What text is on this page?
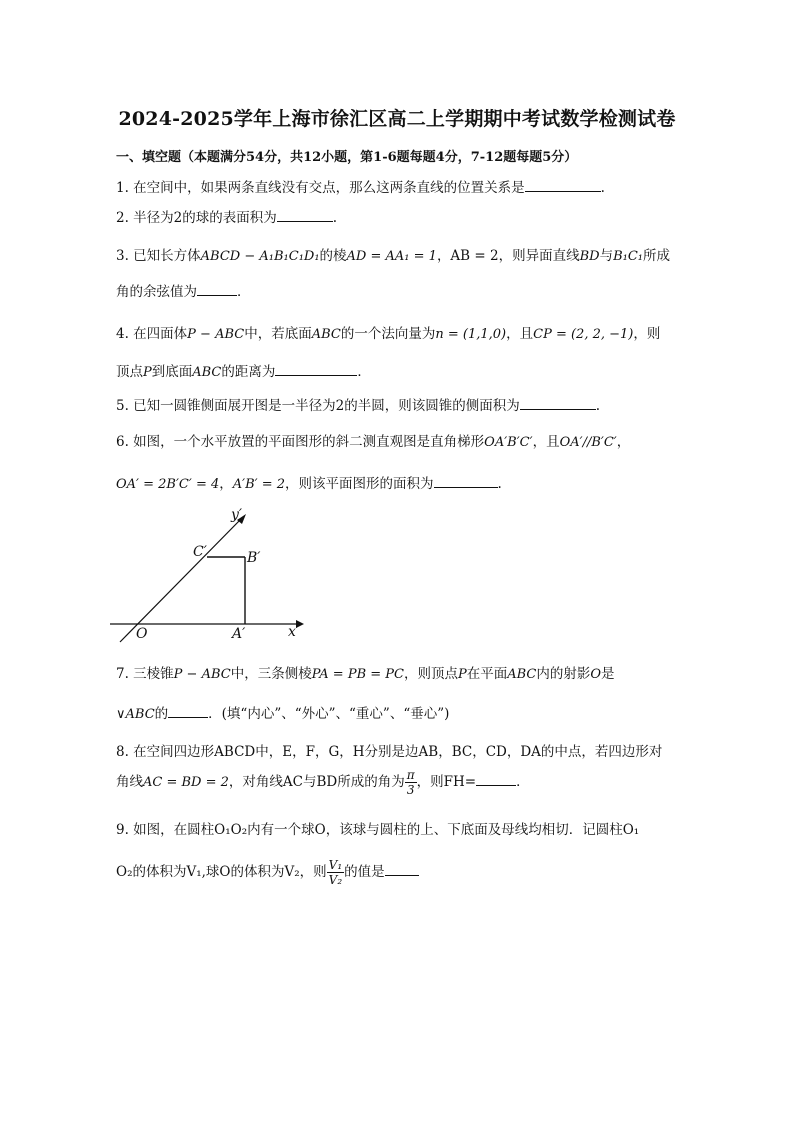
2024-2025学年上海市徐汇区高二上学期期中考试数学检测试卷
一、填空题（本题满分54分，共12小题，第1-6题每题4分，7-12题每题5分）
1. 在空间中，如果两条直线没有交点，那么这两条直线的位置关系是	.
2. 半径为2的球的表面积为	.
3. 已知长方体ABCD − A₁B₁C₁D₁的棱AD = AA₁ = 1，AB = 2，则异面直线BD与B₁C₁所成
角的余弦值为	．
4. 在四面体P − ABC中，若底面ABC的一个法向量为n = (1,1,0)，且CP = (2, 2, −1)，则
顶点P到底面ABC的距离为	．
5. 已知一圆锥侧面展开图是一半径为2的半圆，则该圆锥的侧面积为	.
6. 如图，一个水平放置的平面图形的斜二测直观图是直角梯形OA′B′C′，且OA′//B′C′，
OA′ = 2B′C′ = 4，A′B′ = 2，则该平面图形的面积为	.
y′
x′
O	A′
B′
C′
7. 三棱锥P − ABC中，三条侧棱PA = PB = PC，则顶点P在平面ABC内的射影O是
∨ABC的	．(填“内心”、“外心”、“重心”、“垂心”)
8. 在空间四边形ABCD中，E，F，G，H分别是边AB，BC，CD，DA的中点，若四边形对
角线AC = BD = 2，对角线AC与BD所成的角为 $\frac{\pi}{3}$ ，则FH=	．
9. 如图，在圆柱O₁O₂内有一个球O，该球与圆柱的上、下底面及母线均相切．记圆柱O₁
O₂的体积为V₁,球O的体积为V₂，则 $\frac{\text{V₁}}{\text{V₂}}$ 的值是
